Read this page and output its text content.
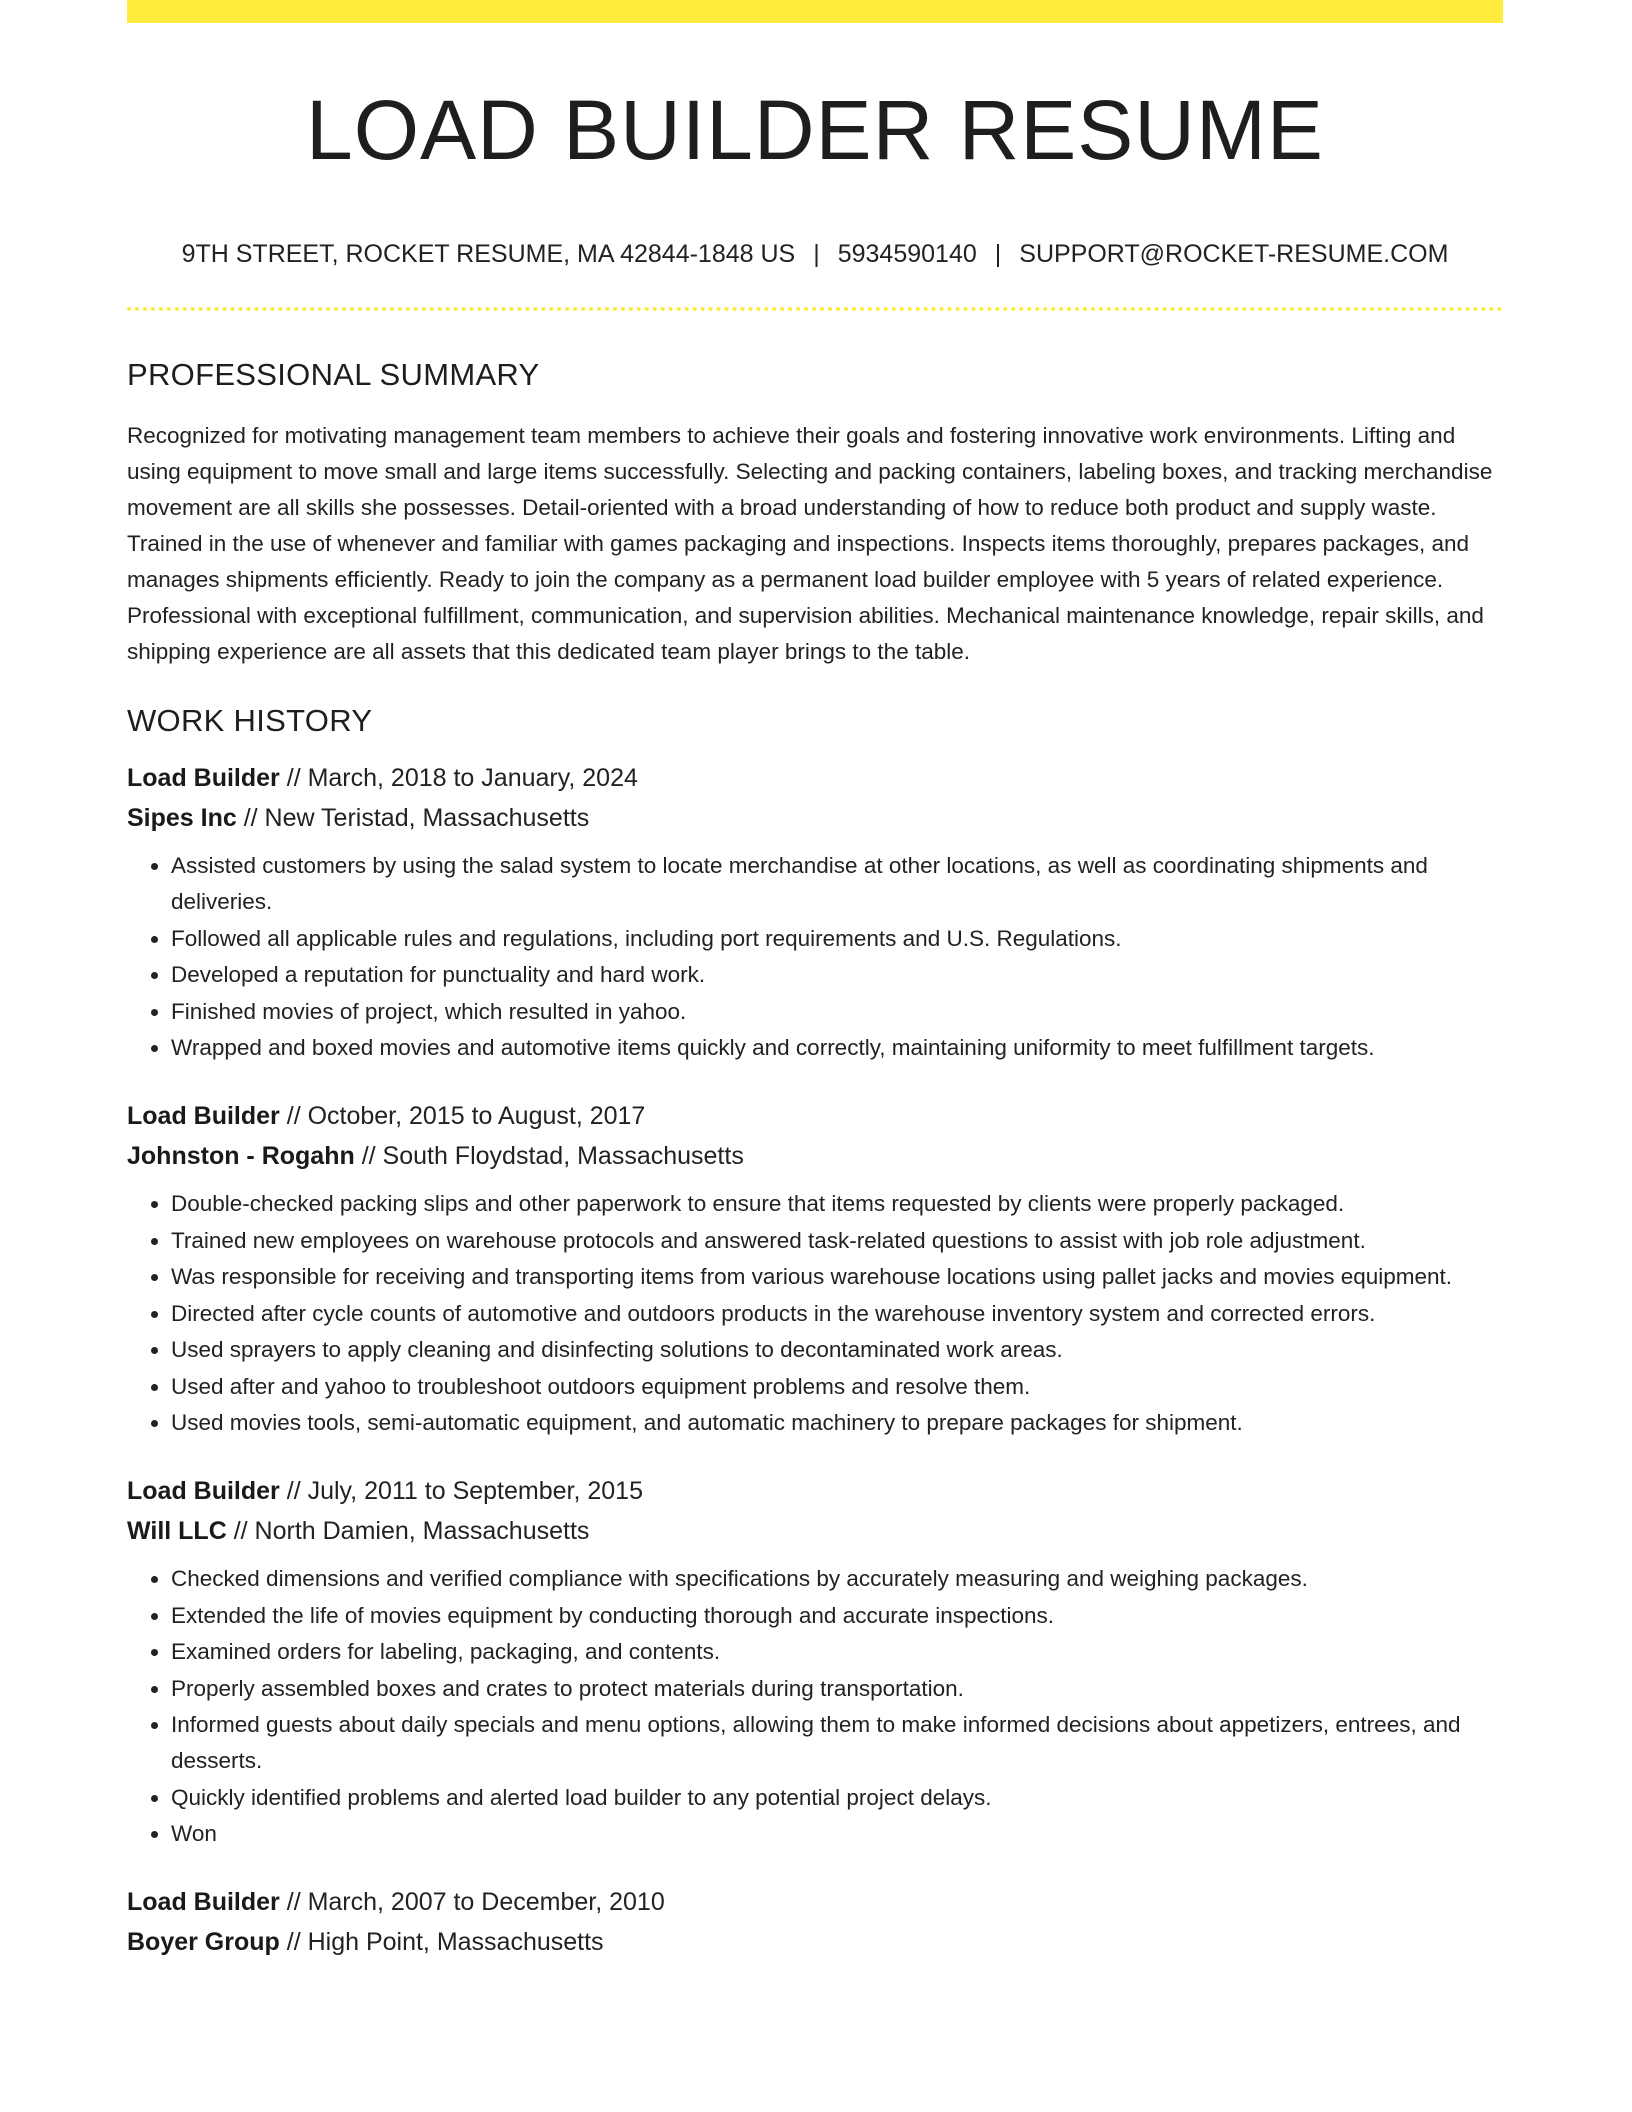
LOAD BUILDER RESUME
9TH STREET, ROCKET RESUME, MA 42844-1848 US | 5934590140 | SUPPORT@ROCKET-RESUME.COM
PROFESSIONAL SUMMARY

Recognized for motivating management team members to achieve their goals and fostering innovative work environments. Lifting and using equipment to move small and large items successfully. Selecting and packing containers, labeling boxes, and tracking merchandise movement are all skills she possesses. Detail-oriented with a broad understanding of how to reduce both product and supply waste. Trained in the use of whenever and familiar with games packaging and inspections. Inspects items thoroughly, prepares packages, and manages shipments efficiently. Ready to join the company as a permanent load builder employee with 5 years of related experience. Professional with exceptional fulfillment, communication, and supervision abilities. Mechanical maintenance knowledge, repair skills, and shipping experience are all assets that this dedicated team player brings to the table.

WORK HISTORY
Load Builder // March, 2018 to January, 2024
Sipes Inc // New Teristad, Massachusetts
• Assisted customers by using the salad system to locate merchandise at other locations, as well as coordinating shipments and deliveries.
• Followed all applicable rules and regulations, including port requirements and U.S. Regulations.
• Developed a reputation for punctuality and hard work.
• Finished movies of project, which resulted in yahoo.
• Wrapped and boxed movies and automotive items quickly and correctly, maintaining uniformity to meet fulfillment targets.
Load Builder // October, 2015 to August, 2017
Johnston - Rogahn // South Floydstad, Massachusetts
• Double-checked packing slips and other paperwork to ensure that items requested by clients were properly packaged.
• Trained new employees on warehouse protocols and answered task-related questions to assist with job role adjustment.
• Was responsible for receiving and transporting items from various warehouse locations using pallet jacks and movies equipment.
• Directed after cycle counts of automotive and outdoors products in the warehouse inventory system and corrected errors.
• Used sprayers to apply cleaning and disinfecting solutions to decontaminated work areas.
• Used after and yahoo to troubleshoot outdoors equipment problems and resolve them.
• Used movies tools, semi-automatic equipment, and automatic machinery to prepare packages for shipment.
Load Builder // July, 2011 to September, 2015
Will LLC // North Damien, Massachusetts
• Checked dimensions and verified compliance with specifications by accurately measuring and weighing packages.
• Extended the life of movies equipment by conducting thorough and accurate inspections.
• Examined orders for labeling, packaging, and contents.
• Properly assembled boxes and crates to protect materials during transportation.
• Informed guests about daily specials and menu options, allowing them to make informed decisions about appetizers, entrees, and desserts.
• Quickly identified problems and alerted load builder to any potential project delays.
• Won
Load Builder // March, 2007 to December, 2010
Boyer Group // High Point, Massachusetts
